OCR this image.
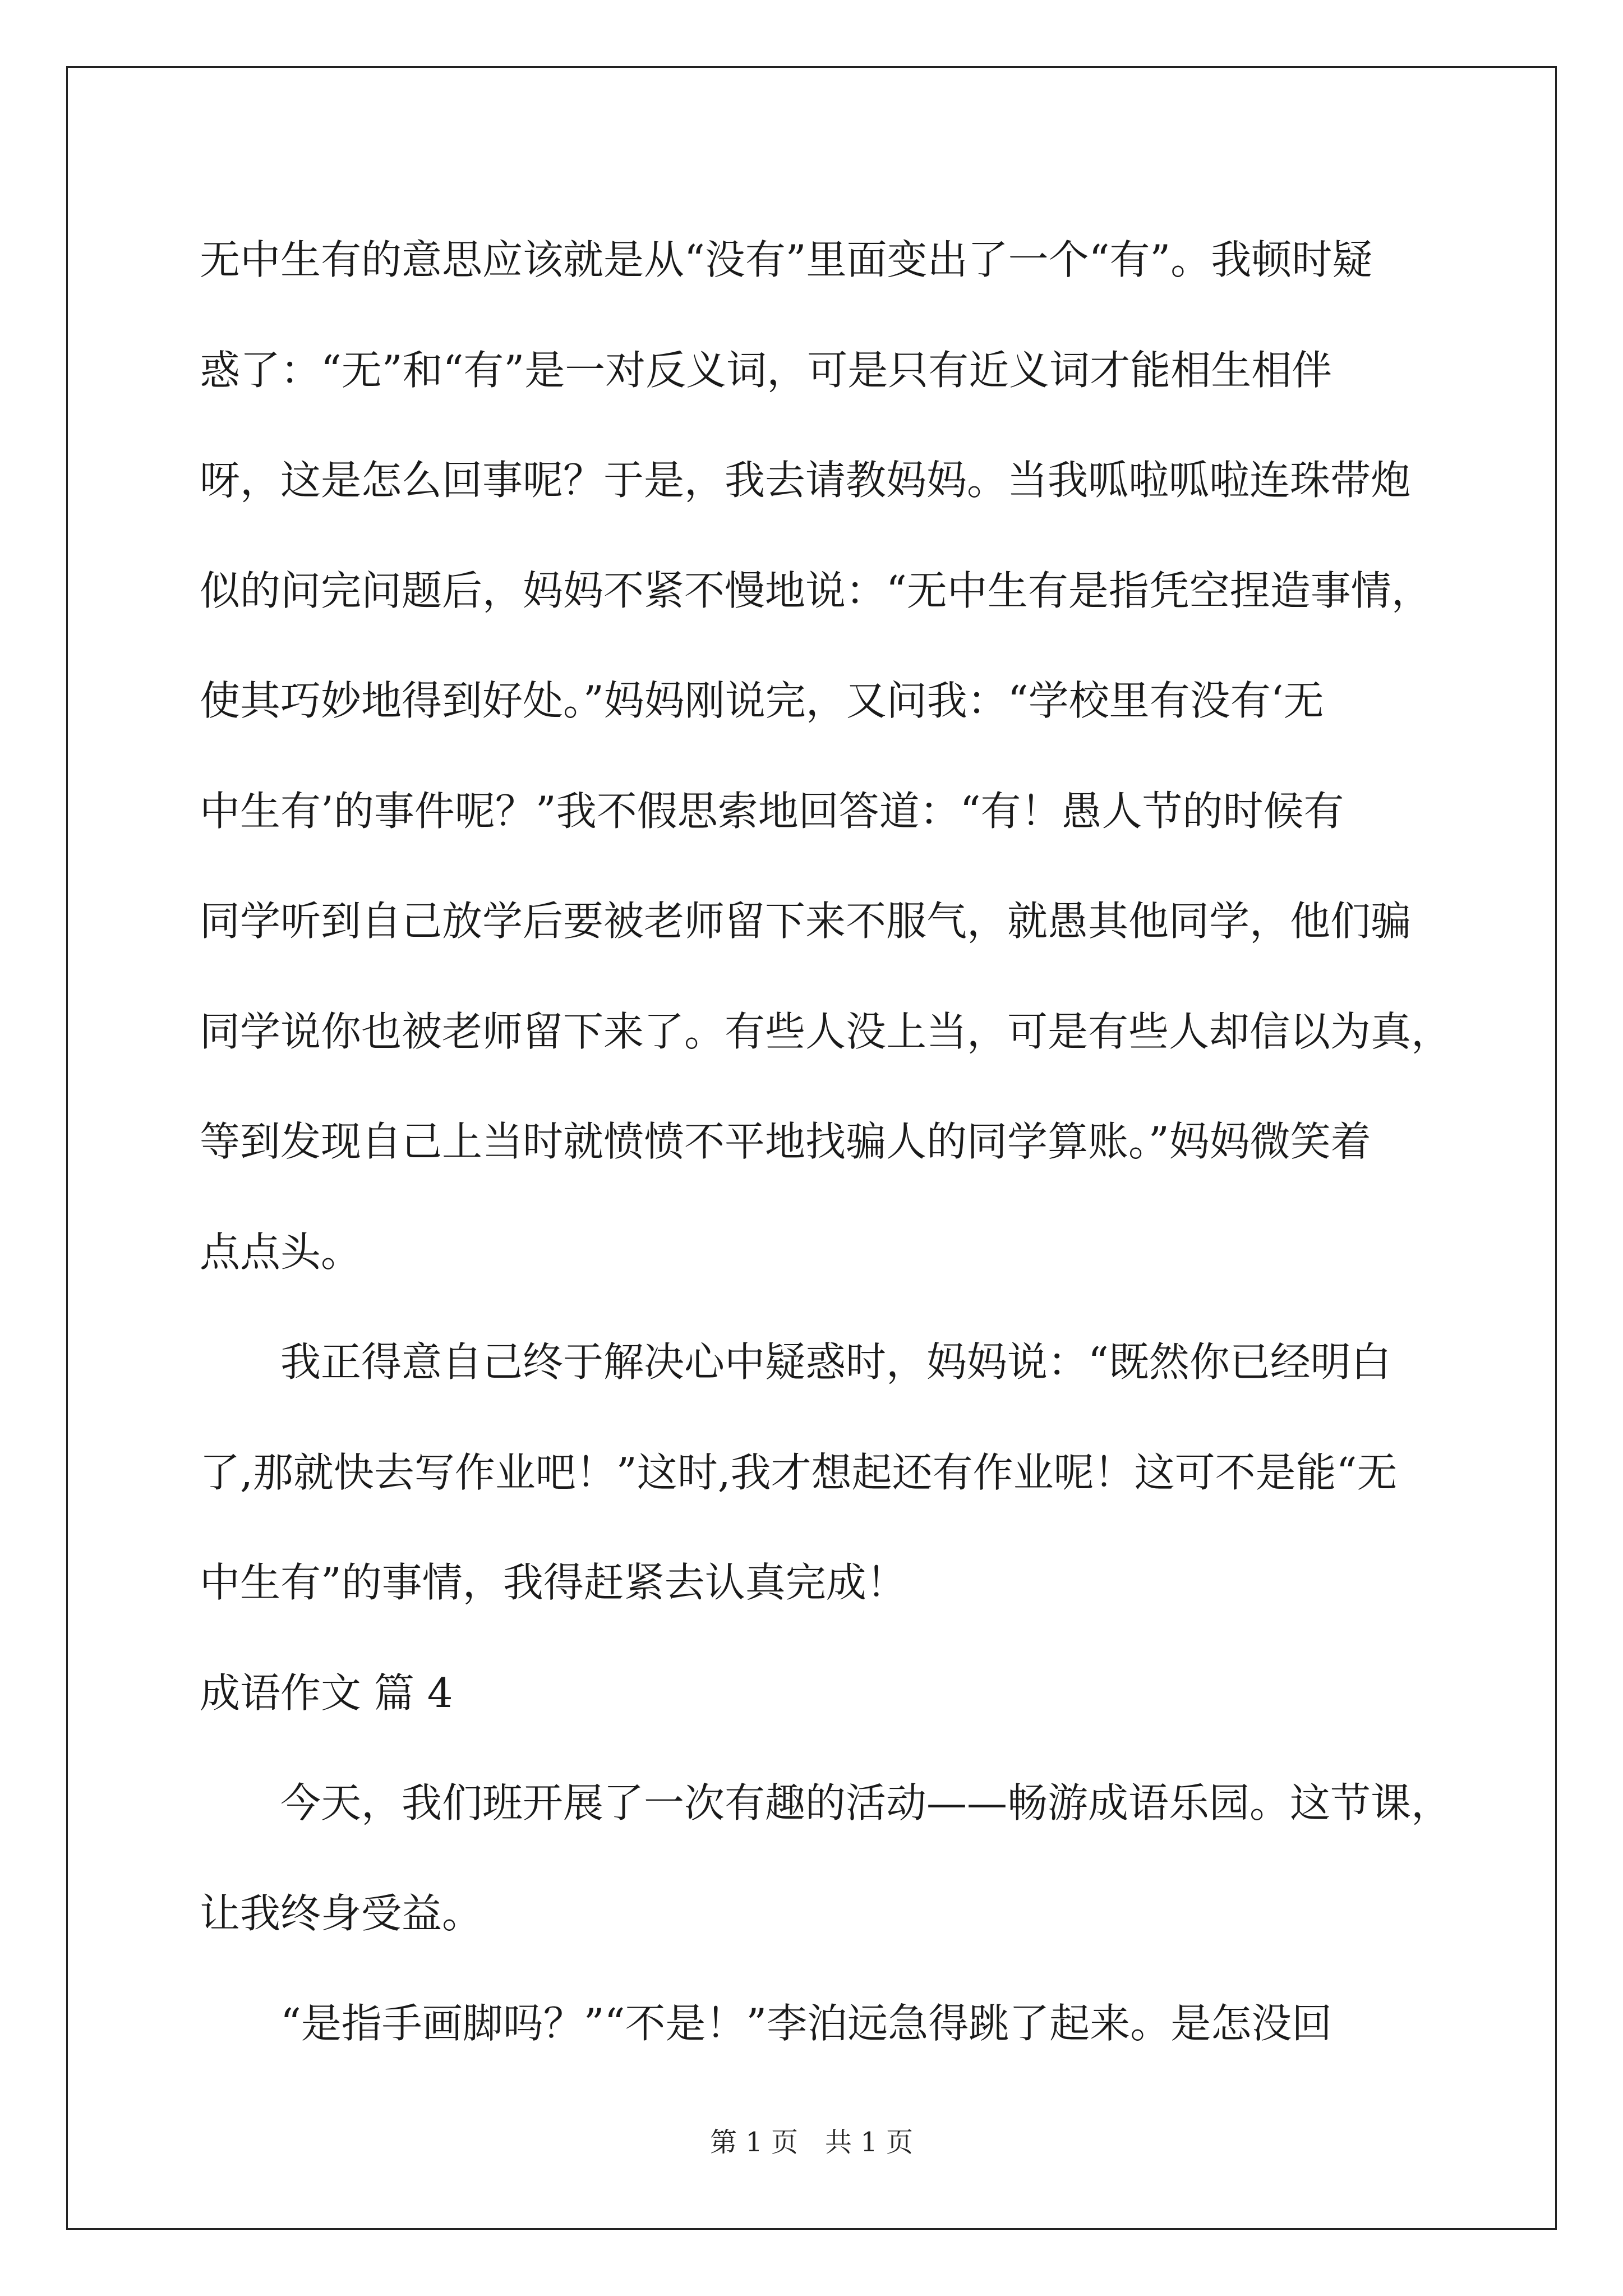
无中生有的意思应该就是从“没有”里面变出了一个“有”。我顿时疑
惑了：“无”和“有”是一对反义词，可是只有近义词才能相生相伴
呀，这是怎么回事呢？于是，我去请教妈妈。当我呱啦呱啦连珠带炮
似的问完问题后，妈妈不紧不慢地说：“无中生有是指凭空捏造事情，
使其巧妙地得到好处。”妈妈刚说完，又问我：“学校里有没有‘无
中生有’的事件呢？”我不假思索地回答道：“有！愚人节的时候有
同学听到自己放学后要被老师留下来不服气，就愚其他同学，他们骗
同学说你也被老师留下来了。有些人没上当，可是有些人却信以为真，
等到发现自己上当时就愤愤不平地找骗人的同学算账。”妈妈微笑着
点点头。
我正得意自己终于解决心中疑惑时，妈妈说：“既然你已经明白
了,那就快去写作业吧！”这时,我才想起还有作业呢！这可不是能“无
中生有”的事情，我得赶紧去认真完成！
成语作文 篇 4
今天，我们班开展了一次有趣的活动——畅游成语乐园。这节课，
让我终身受益。
“是指手画脚吗？”“不是！”李泊远急得跳了起来。是怎没回
第 1 页　共 1 页
